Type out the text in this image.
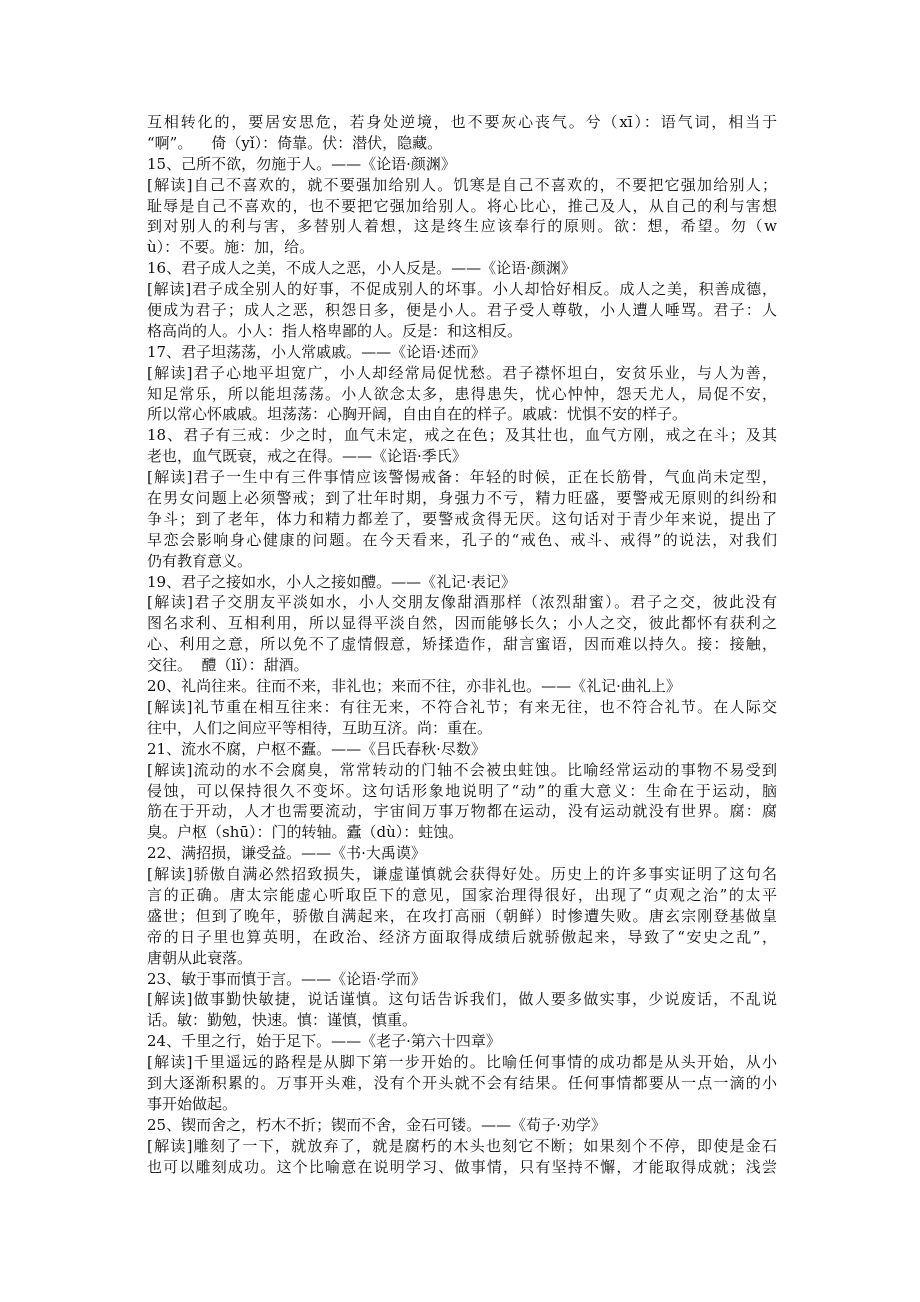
互相转化的，要居安思危，若身处逆境，也不要灰心丧气。兮（xī）：语气词，相当于
“啊”。    倚（yǐ）：倚靠。伏：潜伏，隐藏。
15、己所不欲，勿施于人。——《论语·颜渊》
[解读]自己不喜欢的，就不要强加给别人。饥寒是自己不喜欢的，不要把它强加给别人；
耻辱是自己不喜欢的，也不要把它强加给别人。将心比心，推己及人，从自己的利与害想
到对别人的利与害，多替别人着想，这是终生应该奉行的原则。欲：想，希望。勿（w
ù）：不要。施：加，给。
16、君子成人之美，不成人之恶，小人反是。——《论语·颜渊》
[解读]君子成全别人的好事，不促成别人的坏事。小人却恰好相反。成人之美，积善成德，
便成为君子；成人之恶，积怨日多，便是小人。君子受人尊敬，小人遭人唾骂。君子：人
格高尚的人。小人：指人格卑鄙的人。反是：和这相反。
17、君子坦荡荡，小人常戚戚。——《论语·述而》
[解读]君子心地平坦宽广，小人却经常局促忧愁。君子襟怀坦白，安贫乐业，与人为善，
知足常乐，所以能坦荡荡。小人欲念太多，患得患失，忧心忡忡，怨天尤人，局促不安，
所以常心怀戚戚。坦荡荡：心胸开阔，自由自在的样子。戚戚：忧惧不安的样子。
18、君子有三戒：少之时，血气未定，戒之在色；及其壮也，血气方刚，戒之在斗；及其
老也，血气既衰，戒之在得。——《论语·季氏》
[解读]君子一生中有三件事情应该警惕戒备：年轻的时候，正在长筋骨，气血尚未定型，
在男女问题上必须警戒；到了壮年时期，身强力不亏，精力旺盛，要警戒无原则的纠纷和
争斗；到了老年，体力和精力都差了，要警戒贪得无厌。这句话对于青少年来说，提出了
早恋会影响身心健康的问题。在今天看来，孔子的“戒色、戒斗、戒得”的说法，对我们
仍有教育意义。
19、君子之接如水，小人之接如醴。——《礼记·表记》
[解读]君子交朋友平淡如水，小人交朋友像甜酒那样（浓烈甜蜜）。君子之交，彼此没有
图名求利、互相利用，所以显得平淡自然，因而能够长久；小人之交，彼此都怀有获利之
心、利用之意，所以免不了虚情假意，矫揉造作，甜言蜜语，因而难以持久。接：接触，
交往。  醴（lǐ）：甜酒。
20、礼尚往来。往而不来，非礼也；来而不往，亦非礼也。——《礼记·曲礼上》
[解读]礼节重在相互往来：有往无来，不符合礼节；有来无往，也不符合礼节。在人际交
往中，人们之间应平等相待，互助互济。尚：重在。
21、流水不腐，户枢不蠹。——《吕氏春秋·尽数》
[解读]流动的水不会腐臭，常常转动的门轴不会被虫蛀蚀。比喻经常运动的事物不易受到
侵蚀，可以保持很久不变坏。这句话形象地说明了“动”的重大意义：生命在于运动，脑
筋在于开动，人才也需要流动，宇宙间万事万物都在运动，没有运动就没有世界。腐：腐
臭。户枢（shū）：门的转轴。蠹（dù）：蛀蚀。
22、满招损，谦受益。——《书·大禹谟》
[解读]骄傲自满必然招致损失，谦虚谨慎就会获得好处。历史上的许多事实证明了这句名
言的正确。唐太宗能虚心听取臣下的意见，国家治理得很好，出现了“贞观之治”的太平
盛世；但到了晚年，骄傲自满起来，在攻打高丽（朝鲜）时惨遭失败。唐玄宗刚登基做皇
帝的日子里也算英明，在政治、经济方面取得成绩后就骄傲起来，导致了“安史之乱”，
唐朝从此衰落。
23、敏于事而慎于言。——《论语·学而》
[解读]做事勤快敏捷，说话谨慎。这句话告诉我们，做人要多做实事，少说废话，不乱说
话。敏：勤勉，快速。慎：谨慎，慎重。
24、千里之行，始于足下。——《老子·第六十四章》
[解读]千里遥远的路程是从脚下第一步开始的。比喻任何事情的成功都是从头开始，从小
到大逐渐积累的。万事开头难，没有个开头就不会有结果。任何事情都要从一点一滴的小
事开始做起。
25、锲而舍之，朽木不折；锲而不舍，金石可镂。——《荀子·劝学》
[解读]雕刻了一下，就放弃了，就是腐朽的木头也刻它不断；如果刻个不停，即使是金石
也可以雕刻成功。这个比喻意在说明学习、做事情，只有坚持不懈，才能取得成就；浅尝
